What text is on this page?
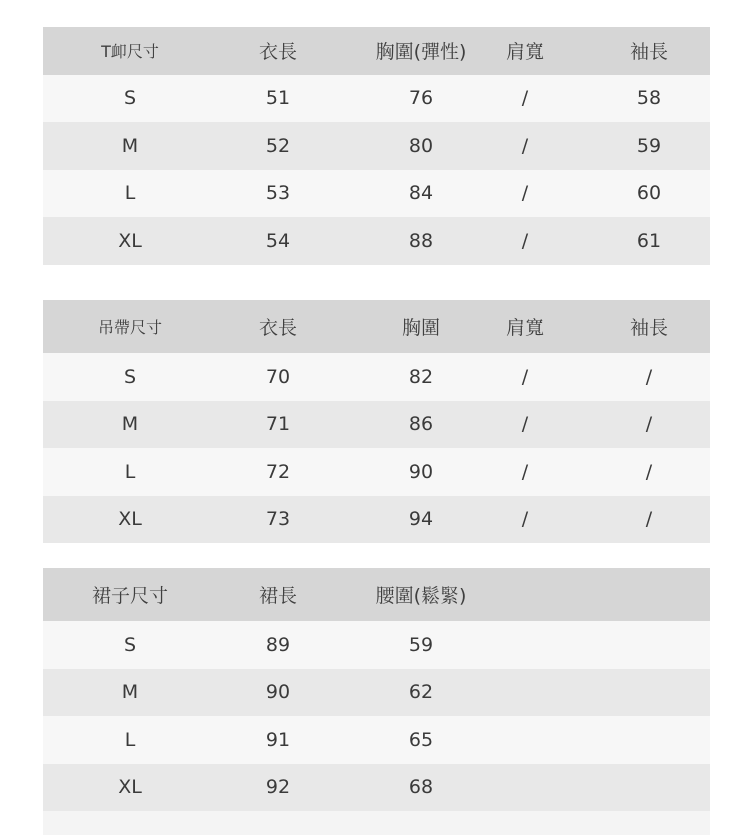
T卹尺寸	衣長	胸圍(彈性)	肩寬	袖長
S	51	76	/	58
M	52	80	/	59
L	53	84	/	60
XL	54	88	/	61
吊帶尺寸	衣長	胸圍	肩寬	袖長
S	70	82	/	/
M	71	86	/	/
L	72	90	/	/
XL	73	94	/	/
裙子尺寸	裙長	腰圍(鬆緊)
S	89	59
M	90	62
L	91	65
XL	92	68
